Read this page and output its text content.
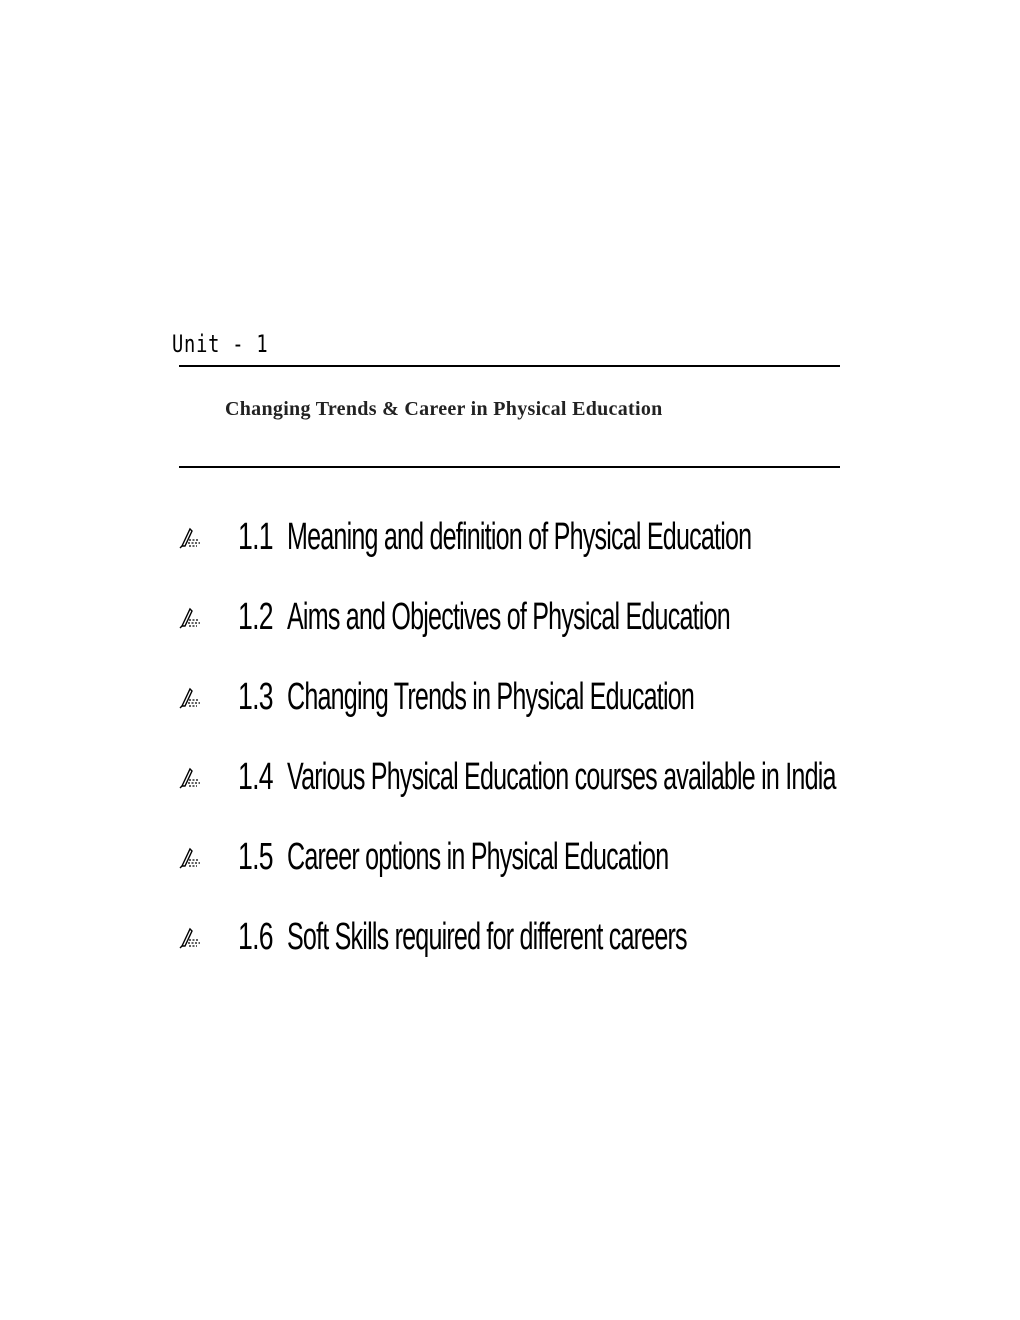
Unit - 1
Changing Trends & Career in Physical Education
1.1 Meaning and definition of Physical Education
1.2 Aims and Objectives of Physical Education
1.3 Changing Trends in Physical Education
1.4 Various Physical Education courses available in India
1.5 Career options in Physical Education
1.6 Soft Skills required for different careers
